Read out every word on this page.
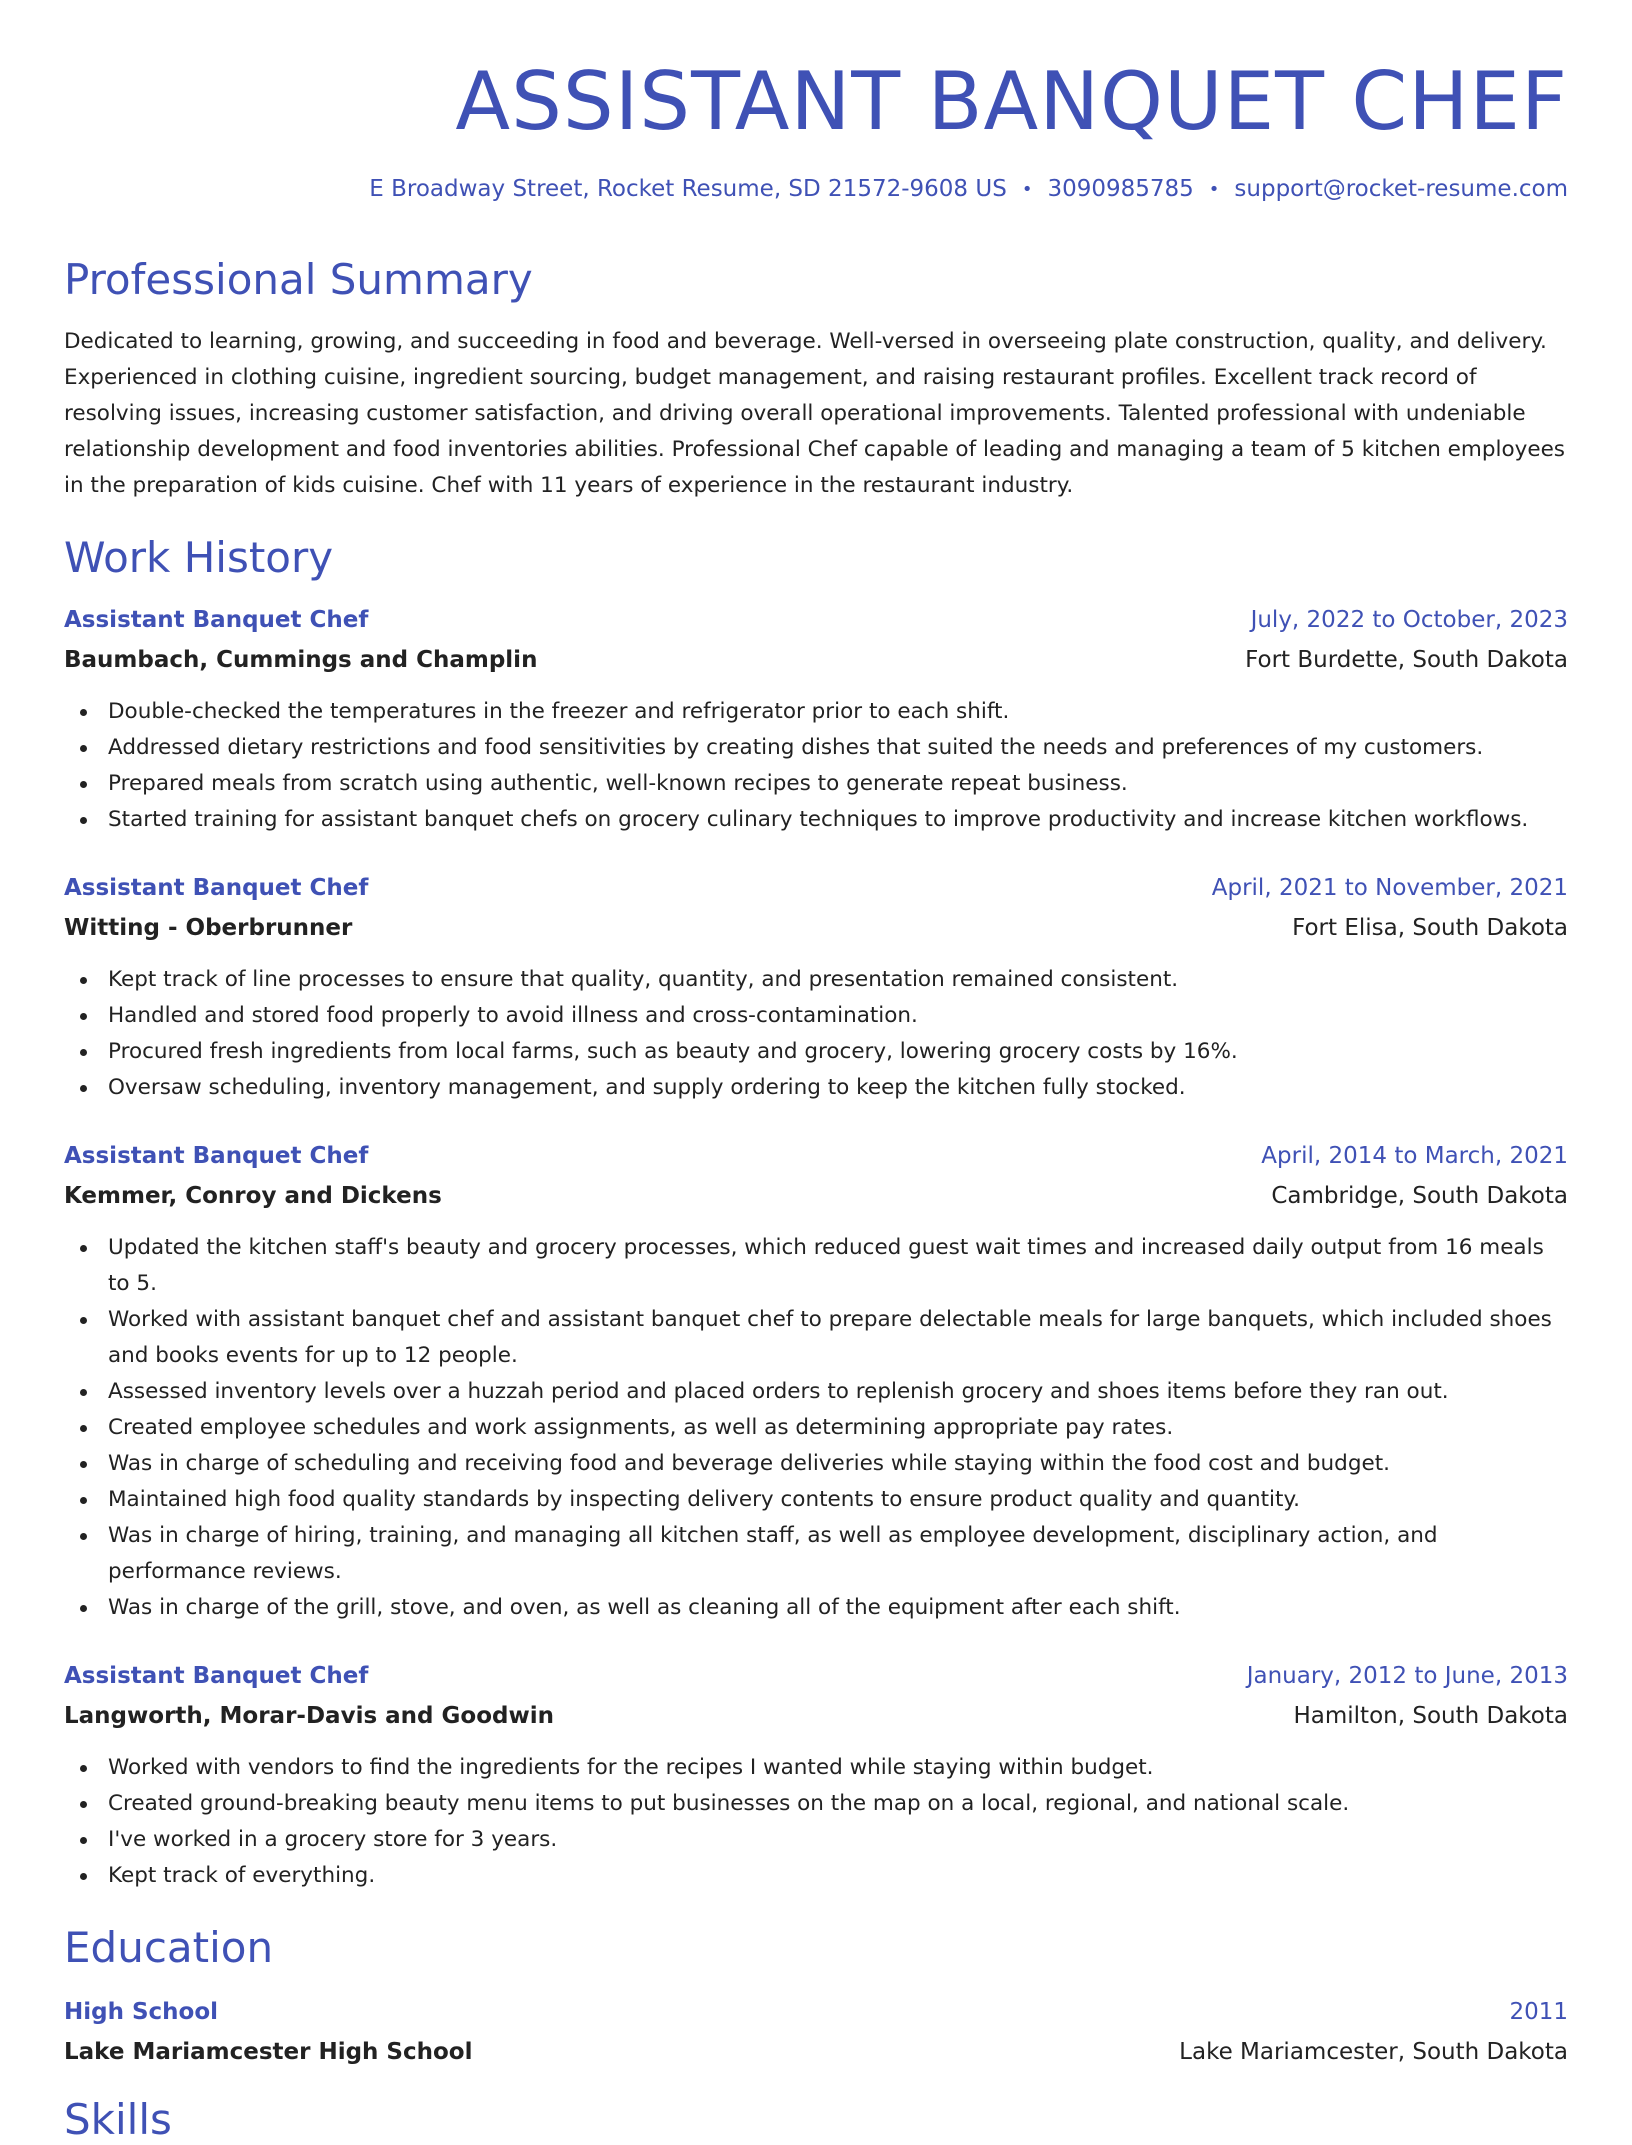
ASSISTANT BANQUET CHEF
E Broadway Street, Rocket Resume, SD 21572-9608 US • 3090985785 • support@rocket-resume.com
Professional Summary

Dedicated to learning, growing, and succeeding in food and beverage. Well-versed in overseeing plate construction, quality, and delivery. Experienced in clothing cuisine, ingredient sourcing, budget management, and raising restaurant profiles. Excellent track record of resolving issues, increasing customer satisfaction, and driving overall operational improvements. Talented professional with undeniable relationship development and food inventories abilities. Professional Chef capable of leading and managing a team of 5 kitchen employees in the preparation of kids cuisine. Chef with 11 years of experience in the restaurant industry.

Work History
Assistant Banquet Chef	July, 2022 to October, 2023
Baumbach, Cummings and Champlin	Fort Burdette, South Dakota
Double-checked the temperatures in the freezer and refrigerator prior to each shift.
Addressed dietary restrictions and food sensitivities by creating dishes that suited the needs and preferences of my customers.
Prepared meals from scratch using authentic, well-known recipes to generate repeat business.
Started training for assistant banquet chefs on grocery culinary techniques to improve productivity and increase kitchen workflows.
Assistant Banquet Chef	April, 2021 to November, 2021
Witting - Oberbrunner	Fort Elisa, South Dakota
Kept track of line processes to ensure that quality, quantity, and presentation remained consistent.
Handled and stored food properly to avoid illness and cross-contamination.
Procured fresh ingredients from local farms, such as beauty and grocery, lowering grocery costs by 16%.
Oversaw scheduling, inventory management, and supply ordering to keep the kitchen fully stocked.
Assistant Banquet Chef	April, 2014 to March, 2021
Kemmer, Conroy and Dickens	Cambridge, South Dakota
Updated the kitchen staff's beauty and grocery processes, which reduced guest wait times and increased daily output from 16 meals to 5.
Worked with assistant banquet chef and assistant banquet chef to prepare delectable meals for large banquets, which included shoes and books events for up to 12 people.
Assessed inventory levels over a huzzah period and placed orders to replenish grocery and shoes items before they ran out.
Created employee schedules and work assignments, as well as determining appropriate pay rates.
Was in charge of scheduling and receiving food and beverage deliveries while staying within the food cost and budget.
Maintained high food quality standards by inspecting delivery contents to ensure product quality and quantity.
Was in charge of hiring, training, and managing all kitchen staff, as well as employee development, disciplinary action, and performance reviews.
Was in charge of the grill, stove, and oven, as well as cleaning all of the equipment after each shift.
Assistant Banquet Chef	January, 2012 to June, 2013
Langworth, Morar-Davis and Goodwin	Hamilton, South Dakota
Worked with vendors to find the ingredients for the recipes I wanted while staying within budget.
Created ground-breaking beauty menu items to put businesses on the map on a local, regional, and national scale.
I've worked in a grocery store for 3 years.
Kept track of everything.
Education
High School	2011
Lake Mariamcester High School	Lake Mariamcester, South Dakota
Skills
